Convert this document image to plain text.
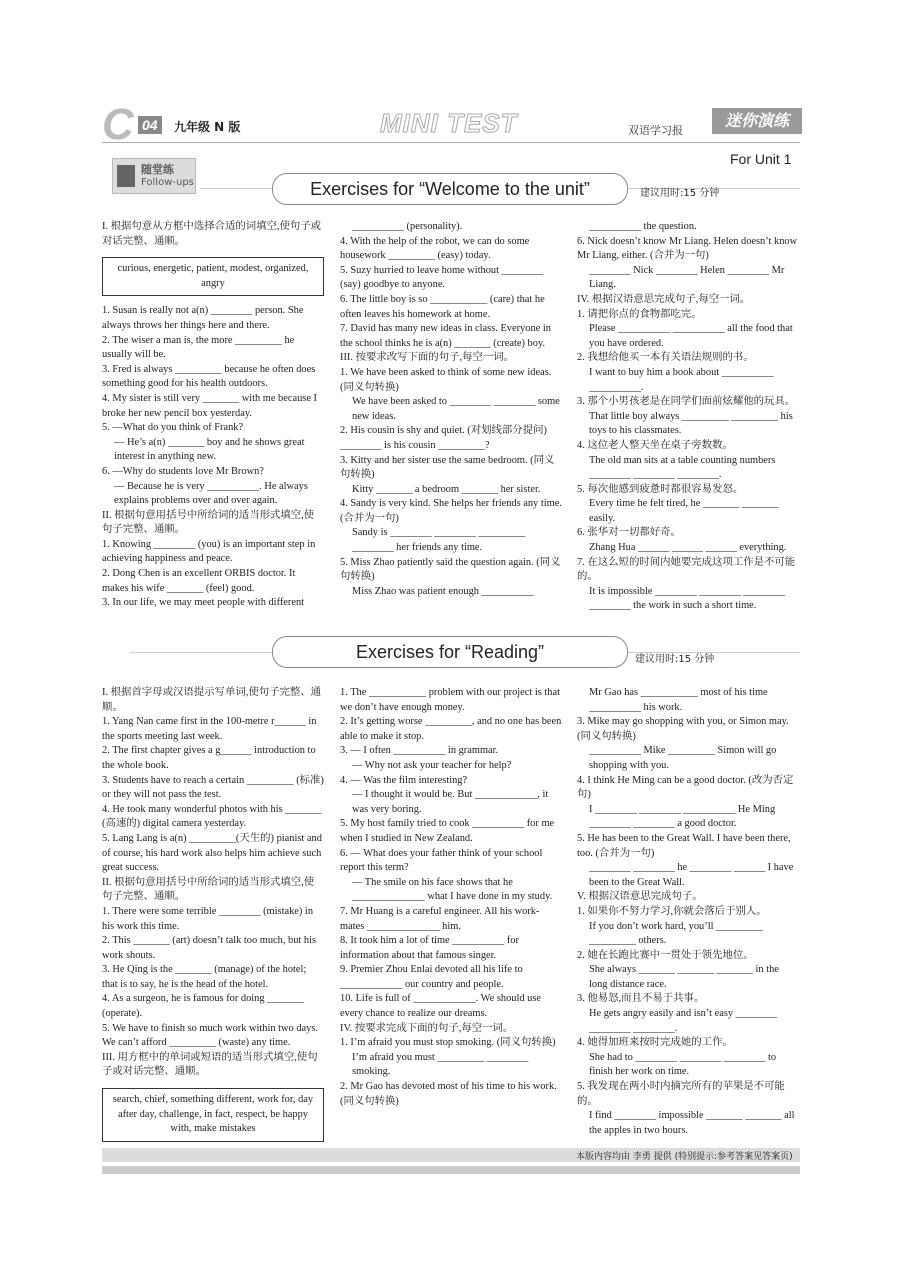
C 04	九年级 N 版	MINI TEST	双语学习报
迷你演练
For Unit 1
随堂练
Follow-ups	Exercises for “Welcome to the unit”	建议用时:15 分钟

I. 根据句意从方框中选择合适的词填空,使句子或对话完整、通顺。

curious, energetic, patient, modest, organized, angry

1. Susan is really not a(n) ________ person. She always throws her things here and there.

2. The wiser a man is, the more _________ he usually will be.

3. Fred is always _________ because he often does something good for his health outdoors.

4. My sister is still very _______ with me because I broke her new pencil box yesterday.

5. —What do you think of Frank?

— He’s a(n) _______ boy and he shows great interest in anything new.

6. —Why do students love Mr Brown?

— Because he is very __________. He always explains problems over and over again.

II. 根据句意用括号中所给词的适当形式填空,使句子完整、通顺。

1. Knowing ________ (you) is an important step in achieving happiness and peace.

2. Dong Chen is an excellent ORBIS doctor. It makes his wife _______ (feel) good.

3. In our life, we may meet people with different

__________ (personality).

4. With the help of the robot, we can do some housework _________ (easy) today.

5. Suzy hurried to leave home without ________ (say) goodbye to anyone.

6. The little boy is so ___________ (care) that he often leaves his homework at home.

7. David has many new ideas in class. Everyone in the school thinks he is a(n) _______ (create) boy.

III. 按要求改写下面的句子,每空一词。

1. We have been asked to think of some new ideas. (同义句转换)

We have been asked to ________ ________ some new ideas.

2. His cousin is shy and quiet. (对划线部分提问) ________ is his cousin _________?

3. Kitty and her sister use the same bedroom. (同义句转换)

Kitty _______ a bedroom _______ her sister.

4. Sandy is very kind. She helps her friends any time. (合并为一句)

Sandy is ________ ________ _________ ________ her friends any time.

5. Miss Zhao patiently said the question again. (同义句转换)

Miss Zhao was patient enough __________

__________ the question.

6. Nick doesn’t know Mr Liang. Helen doesn’t know Mr Liang, either. (合并为一句)

________ Nick ________ Helen ________ Mr Liang.

IV. 根据汉语意思完成句子,每空一词。

1. 请把你点的食物都吃完。

Please __________ __________ all the food that you have ordered.

2. 我想给他买一本有关语法规则的书。

I want to buy him a book about __________ __________.

3. 那个小男孩老是在同学们面前炫耀他的玩具。

That little boy always _________ _________ his toys to his classmates.

4. 这位老人整天坐在桌子旁数数。

The old man sits at a table counting numbers ________ ________ ________.

5. 每次他感到疲惫时都很容易发怒。

Every time he felt tired, he _______ _______ easily.

6. 张华对一切都好奇。

Zhang Hua ______ ______ ______ everything.

7. 在这么短的时间内她要完成这项工作是不可能的。

It is impossible ________ ________ ________ ________ the work in such a short time.

Exercises for “Reading”	建议用时:15 分钟

I. 根据首字母或汉语提示写单词,使句子完整、通顺。

1. Yang Nan came first in the 100-metre r______ in the sports meeting last week.

2. The first chapter gives a g______ introduction to the whole book.

3. Students have to reach a certain _________ (标准) or they will not pass the test.

4. He took many wonderful photos with his _______ (高速的) digital camera yesterday.

5. Lang Lang is a(n) _________(天生的) pianist and of course, his hard work also helps him achieve such great success.

II. 根据句意用括号中所给词的适当形式填空,使句子完整、通顺。

1. There were some terrible ________ (mistake) in his work this time.

2. This _______ (art) doesn’t talk too much, but his work shouts.

3. He Qing is the _______ (manage) of the hotel; that is to say, he is the head of the hotel.

4. As a surgeon, he is famous for doing _______ (operate).

5. We have to finish so much work within two days. We can’t afford _________ (waste) any time.

III. 用方框中的单词或短语的适当形式填空,使句子或对话完整、通顺。

search, chief, something different, work for, day after day, challenge, in fact, respect, be happy with, make mistakes

1. The ___________ problem with our project is that we don’t have enough money.

2. It’s getting worse _________, and no one has been able to make it stop.

3. — I often __________ in grammar.

— Why not ask your teacher for help?

4. — Was the film interesting?

— I thought it would be. But ____________, it was very boring.

5. My host family tried to cook __________ for me when I studied in New Zealand.

6. — What does your father think of your school report this term?

— The smile on his face shows that he ______________ what I have done in my study.

7. Mr Huang is a careful engineer. All his work-mates ______________ him.

8. It took him a lot of time __________ for information about that famous singer.

9. Premier Zhou Enlai devoted all his life to ____________ our country and people.

10. Life is full of ____________. We should use every chance to realize our dreams.

IV. 按要求完成下面的句子,每空一词。

1. I’m afraid you must stop smoking. (同义句转换)

I’m afraid you must _________ ________ smoking.

2. Mr Gao has devoted most of his time to his work. (同义句转换)

Mr Gao has ___________ most of his time __________ his work.

3. Mike may go shopping with you, or Simon may. (同义句转换)

__________ Mike _________ Simon will go shopping with you.

4. I think He Ming can be a good doctor. (改为否定句)

I ________ ________ __________ He Ming ________ ________ a good doctor.

5. He has been to the Great Wall. I have been there, too. (合并为一句)

________ ________ he ________ ______ I have been to the Great Wall.

V. 根据汉语意思完成句子。

1. 如果你不努力学习,你就会落后于别人。

If you don’t work hard, you’ll _________ _________ others.

2. 她在长跑比赛中一贯处于领先地位。

She always _______ _______ _______ in the long distance race.

3. 他易怒,而且不易于共事。

He gets angry easily and isn’t easy ________ ________ ________.

4. 她得加班来按时完成她的工作。

She had to ________ ________ ________ to finish her work on time.

5. 我发现在两小时内摘完所有的苹果是不可能的。

I find ________ impossible _______ _______ all the apples in two hours.

本版内容均由 李勇 提供 (特别提示:参考答案见答案页)
